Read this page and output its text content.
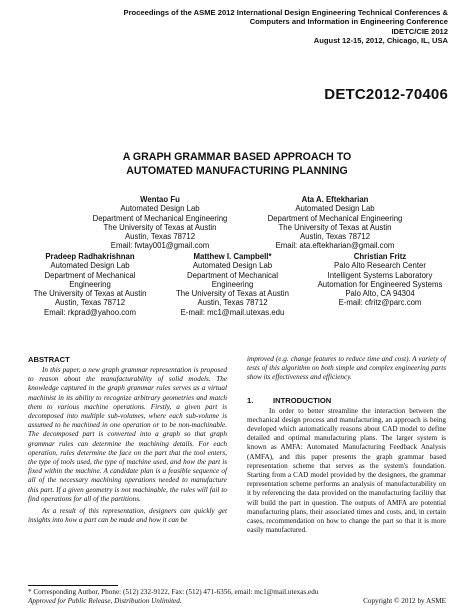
Proceedings of the ASME 2012 International Design Engineering Technical Conferences &
Computers and Information in Engineering Conference
IDETC/CIE 2012
August 12-15, 2012, Chicago, IL, USA
DETC2012-70406
A GRAPH GRAMMAR BASED APPROACH TO
AUTOMATED MANUFACTURING PLANNING
Wentao Fu
Automated Design Lab
Department of Mechanical Engineering
The University of Texas at Austin
Austin, Texas 78712
Email: fwtay001@gmail.com
Ata A. Eftekharian
Automated Design Lab
Department of Mechanical Engineering
The University of Texas at Austin
Austin, Texas 78712
Email: ata.eftekharian@gmail.com
Pradeep Radhakrishnan
Automated Design Lab
Department of Mechanical
Engineering
The University of Texas at Austin
Austin, Texas 78712
Email: rkprad@yahoo.com
Matthew I. Campbell*
Automated Design Lab
Department of Mechanical
Engineering
The University of Texas at Austin
Austin, Texas 78712
E-mail: mc1@mail.utexas.edu
Christian Fritz
Palo Alto Research Center
Intelligent Systems Laboratory
Automation for Engineered Systems
Palo Alto, CA 94304
E-mail: cfritz@parc.com
ABSTRACT

In this paper, a new graph grammar representation is proposed to reason about the manufacturability of solid models. The knowledge captured in the graph grammar rules serves as a virtual machinist in its ability to recognize arbitrary geometries and match them to various machine operations. Firstly, a given part is decomposed into multiple sub-volumes, where each sub-volume is assumed to be machined in one operation or to be non-machinable. The decomposed part is converted into a graph so that graph grammar rules can determine the machining details. For each operation, rules determine the face on the part that the tool enters, the type of tools used, the type of machine used, and how the part is fixed within the machine. A candidate plan is a feasible sequence of all of the necessary machining operations needed to manufacture this part. If a given geometry is not machinable, the rules will fail to find operations for all of the partitions.

As a result of this representation, designers can quickly get insights into how a part can be made and how it can be

improved (e.g. change features to reduce time and cost). A variety of tests of this algorithm on both simple and complex engineering parts show its effectiveness and efficiency.
1.	INTRODUCTION

In order to better streamline the interaction between the mechanical design process and manufacturing, an approach is being developed which automatically reasons about CAD model to define detailed and optimal manufacturing plans. The larger system is known as AMFA: Automated Manufacturing Feedback Analysis (AMFA), and this paper presents the graph grammar based representation scheme that serves as the system's foundation. Starting from a CAD model provided by the designers, the grammar representation scheme performs an analysis of manufacturability on it by referencing the data provided on the manufacturing facility that will build the part in question. The outputs of AMFA are potential manufacturing plans, their associated times and costs, and, in certain cases, recommendation on how to change the part so that it is more easily manufactured.

* Corresponding Author, Phone: (512) 232-9122, Fax: (512) 471-6356, email: mc1@mail.utexas.edu
Approved for Public Release, Distribution Unlimited.	Copyright © 2012 by ASME
